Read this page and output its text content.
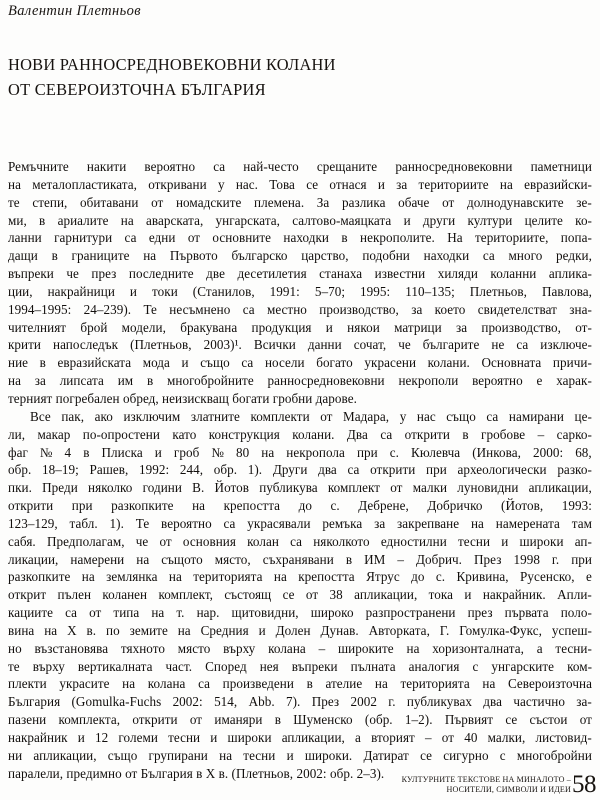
Валентин Плетньов
НОВИ РАННОСРЕДНОВЕКОВНИ КОЛАНИ
ОТ СЕВЕРОИЗТОЧНА БЪЛГАРИЯ
Ремъчните накити вероятно са най-често срещаните ранносредновековни паметници
на металопластиката, откривани у нас. Това се отнася и за териториите на евразийски-
те степи, обитавани от номадските племена. За разлика обаче от долнодунавските зе-
ми, в ариалите на аварската, унгарската, салтово-маяцката и други култури целите ко-
ланни гарнитури са едни от основните находки в некрополите. На териториите, попа-
дащи в границите на Първото българско царство, подобни находки са много редки,
въпреки че през последните две десетилетия станаха известни хиляди коланни аплика-
ции, накрайници и токи (Станилов, 1991: 5–70; 1995: 110–135; Плетньов, Павлова,
1994–1995: 24–239). Те несъмнено са местно производство, за което свидетелстват зна-
чителният брой модели, бракувана продукция и някои матрици за производство, от-
крити напоследък (Плетньов, 2003)¹. Всички данни сочат, че българите не са изключе-
ние в евразийската мода и също са носели богато украсени колани. Основната причи-
на за липсата им в многобройните ранносредновековни некрополи вероятно е харак-
терният погребален обред, неизискващ богати гробни дарове.
Все пак, ако изключим златните комплекти от Мадара, у нас също са намирани це-
ли, макар по-опростени като конструкция колани. Два са открити в гробове – сарко-
фаг № 4 в Плиска и гроб № 80 на некропола при с. Кюлевча (Инкова, 2000: 68,
обр. 18–19; Рашев, 1992: 244, обр. 1). Други два са открити при археологически разко-
пки. Преди няколко години В. Йотов публикува комплект от малки луновидни апликации,
открити при разкопките на крепостта до с. Дебрене, Добричко (Йотов, 1993:
123–129, табл. 1). Те вероятно са украсявали ремъка за закрепване на намерената там
сабя. Предполагам, че от основния колан са няколкото едностилни тесни и широки ап-
ликации, намерени на същото място, съхранявани в ИМ – Добрич. През 1998 г. при
разкопките на землянка на територията на крепостта Ятрус до с. Кривина, Русенско, е
открит пълен коланен комплект, състоящ се от 38 апликации, тока и накрайник. Апли-
кациите са от типа на т. нар. щитовидни, широко разпространени през първата поло-
вина на X в. по земите на Средния и Долен Дунав. Авторката, Г. Гомулка-Фукс, успеш-
но възстановява тяхното място върху колана – широките на хоризонталната, а тесни-
те върху вертикалната част. Според нея въпреки пълната аналогия с унгарските ком-
плекти украсите на колана са произведени в ателие на територията на Североизточна
България (Gomulka-Fuchs 2002: 514, Abb. 7). През 2002 г. публикувах два частично за-
пазени комплекта, открити от иманяри в Шуменско (обр. 1–2). Първият се състои от
накрайник и 12 големи тесни и широки апликации, а вторият – от 40 малки, листовид-
ни апликации, също групирани на тесни и широки. Датират се сигурно с многобройни
паралели, предимно от България в X в. (Плетньов, 2002: обр. 2–3).	КУЛТУРНИТЕ ТЕКСТОВЕ НА МИНАЛОТО –
НОСИТЕЛИ, СИМВОЛИ И ИДЕИ 58
